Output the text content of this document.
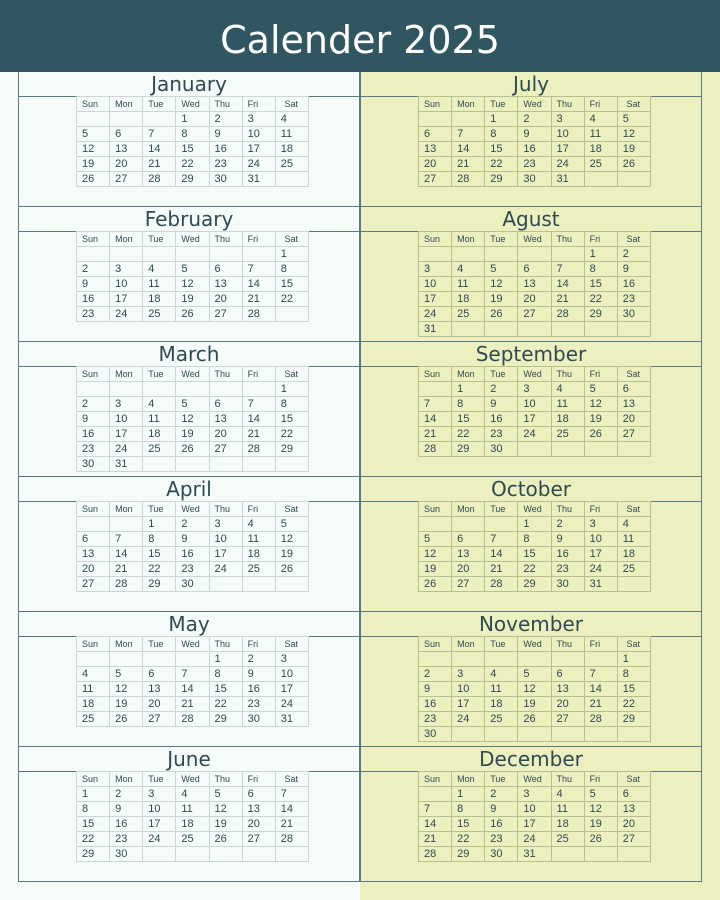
Calender 2025
January
Sun	Mon	Tue	Wed	Thu	Fri	Sat
			1	2	3	4
5	6	7	8	9	10	11
12	13	14	15	16	17	18
19	20	21	22	23	24	25
26	27	28	29	30	31	
February
Sun	Mon	Tue	Wed	Thu	Fri	Sat
						1
2	3	4	5	6	7	8
9	10	11	12	13	14	15
16	17	18	19	20	21	22
23	24	25	26	27	28	
March
Sun	Mon	Tue	Wed	Thu	Fri	Sat
						1
2	3	4	5	6	7	8
9	10	11	12	13	14	15
16	17	18	19	20	21	22
23	24	25	26	27	28	29
30	31					
April
Sun	Mon	Tue	Wed	Thu	Fri	Sat
		1	2	3	4	5
6	7	8	9	10	11	12
13	14	15	16	17	18	19
20	21	22	23	24	25	26
27	28	29	30			
May
Sun	Mon	Tue	Wed	Thu	Fri	Sat
				1	2	3
4	5	6	7	8	9	10
11	12	13	14	15	16	17
18	19	20	21	22	23	24
25	26	27	28	29	30	31
June
Sun	Mon	Tue	Wed	Thu	Fri	Sat
1	2	3	4	5	6	7
8	9	10	11	12	13	14
15	16	17	18	19	20	21
22	23	24	25	26	27	28
29	30					
July
Sun	Mon	Tue	Wed	Thu	Fri	Sat
		1	2	3	4	5
6	7	8	9	10	11	12
13	14	15	16	17	18	19
20	21	22	23	24	25	26
27	28	29	30	31		
Agust
Sun	Mon	Tue	Wed	Thu	Fri	Sat
					1	2
3	4	5	6	7	8	9
10	11	12	13	14	15	16
17	18	19	20	21	22	23
24	25	26	27	28	29	30
31						
September
Sun	Mon	Tue	Wed	Thu	Fri	Sat
	1	2	3	4	5	6
7	8	9	10	11	12	13
14	15	16	17	18	19	20
21	22	23	24	25	26	27
28	29	30				
October
Sun	Mon	Tue	Wed	Thu	Fri	Sat
			1	2	3	4
5	6	7	8	9	10	11
12	13	14	15	16	17	18
19	20	21	22	23	24	25
26	27	28	29	30	31	
November
Sun	Mon	Tue	Wed	Thu	Fri	Sat
						1
2	3	4	5	6	7	8
9	10	11	12	13	14	15
16	17	18	19	20	21	22
23	24	25	26	27	28	29
30						
December
Sun	Mon	Tue	Wed	Thu	Fri	Sat
	1	2	3	4	5	6
7	8	9	10	11	12	13
14	15	16	17	18	19	20
21	22	23	24	25	26	27
28	29	30	31			
